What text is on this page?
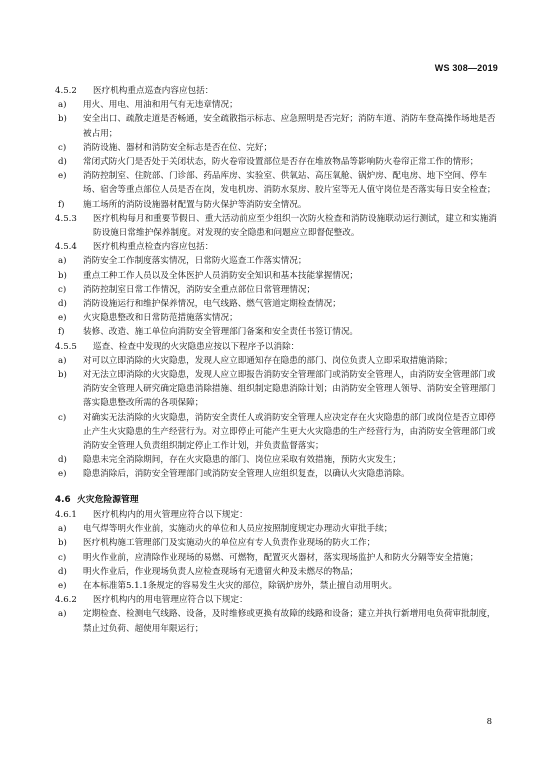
WS 308—2019
4.5.2	医疗机构重点巡查内容应包括：
a)	用火、用电、用油和用气有无违章情况；
b)	安全出口、疏散走道是否畅通，安全疏散指示标志、应急照明是否完好；消防车道、消防车登高操作场地是否被占用；
c)	消防设施、器材和消防安全标志是否在位、完好；
d)	常闭式防火门是否处于关闭状态，防火卷帘设置部位是否存在堆放物品等影响防火卷帘正常工作的情形；
e)	消防控制室、住院部、门诊部、药品库房、实验室、供氧站、高压氧舱、锅炉房、配电房、地下空间、停车场、宿舍等重点部位人员是否在岗，发电机房、消防水泵房、胶片室等无人值守岗位是否落实每日安全检查；
f)	施工场所的消防设施器材配置与防火保护等消防安全情况。
4.5.3	医疗机构每月和重要节假日、重大活动前应至少组织一次防火检查和消防设施联动运行测试，建立和实施消防设施日常维护保养制度。对发现的安全隐患和问题应立即督促整改。
4.5.4	医疗机构重点检查内容应包括：
a)	消防安全工作制度落实情况，日常防火巡查工作落实情况；
b)	重点工种工作人员以及全体医护人员消防安全知识和基本技能掌握情况；
c)	消防控制室日常工作情况，消防安全重点部位日常管理情况；
d)	消防设施运行和维护保养情况，电气线路、燃气管道定期检查情况；
e)	火灾隐患整改和日常防范措施落实情况；
f)	装修、改造、施工单位向消防安全管理部门备案和安全责任书签订情况。
4.5.5	巡查、检查中发现的火灾隐患应按以下程序予以消除：
a)	对可以立即消除的火灾隐患，发现人应立即通知存在隐患的部门、岗位负责人立即采取措施消除；
b)	对无法立即消除的火灾隐患，发现人应立即报告消防安全管理部门或消防安全管理人，由消防安全管理部门或消防安全管理人研究确定隐患消除措施、组织制定隐患消除计划；由消防安全管理人领导、消防安全管理部门落实隐患整改所需的各项保障；
c)	对确实无法消除的火灾隐患，消防安全责任人或消防安全管理人应决定存在火灾隐患的部门或岗位是否立即停止产生火灾隐患的生产经营行为。对立即停止可能产生更大火灾隐患的生产经营行为，由消防安全管理部门或消防安全管理人负责组织制定停止工作计划，并负责监督落实；
d)	隐患未完全消除期间，存在火灾隐患的部门、岗位应采取有效措施，预防火灾发生；
e)	隐患消除后，消防安全管理部门或消防安全管理人应组织复查，以确认火灾隐患消除。
4.6 火灾危险源管理
4.6.1	医疗机构内的用火管理应符合以下规定：
a)	电气焊等明火作业前，实施动火的单位和人员应按照制度规定办理动火审批手续；
b)	医疗机构施工管理部门及实施动火的单位应有专人负责作业现场的防火工作；
c)	明火作业前，应清除作业现场的易燃、可燃物，配置灭火器材，落实现场监护人和防火分隔等安全措施；
d)	明火作业后，作业现场负责人应检查现场有无遗留火种及未燃尽的物品；
e)	在本标准第5.1.1条规定的容易发生火灾的部位，除锅炉房外，禁止擅自动用明火。
4.6.2	医疗机构内的用电管理应符合以下规定：
a)	定期检查、检测电气线路、设备，及时维修或更换有故障的线路和设备；建立并执行新增用电负荷审批制度，禁止过负荷、超使用年限运行；
8
